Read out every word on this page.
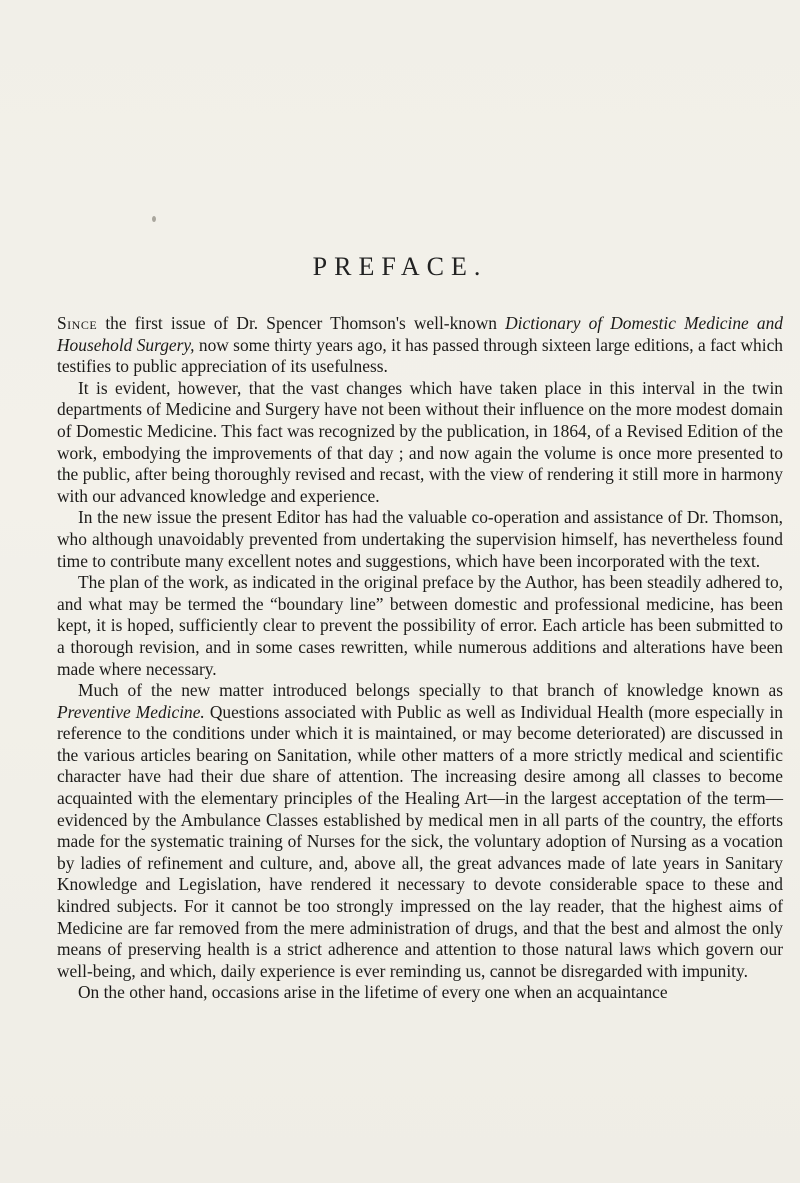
PREFACE.

Since the first issue of Dr. Spencer Thomson's well-known Dictionary of Domestic Medicine and Household Surgery, now some thirty years ago, it has passed through sixteen large editions, a fact which testifies to public appreciation of its usefulness.

It is evident, however, that the vast changes which have taken place in this interval in the twin departments of Medicine and Surgery have not been without their influence on the more modest domain of Domestic Medicine. This fact was recognized by the publication, in 1864, of a Revised Edition of the work, embodying the improvements of that day ; and now again the volume is once more presented to the public, after being thoroughly revised and recast, with the view of rendering it still more in harmony with our advanced knowledge and experience.

In the new issue the present Editor has had the valuable co-operation and assistance of Dr. Thomson, who although unavoidably prevented from undertaking the supervision himself, has nevertheless found time to contribute many excellent notes and suggestions, which have been incorporated with the text.

The plan of the work, as indicated in the original preface by the Author, has been steadily adhered to, and what may be termed the “boundary line” between domestic and professional medicine, has been kept, it is hoped, sufficiently clear to prevent the possibility of error. Each article has been submitted to a thorough revision, and in some cases rewritten, while numerous additions and alterations have been made where necessary.

Much of the new matter introduced belongs specially to that branch of knowledge known as Preventive Medicine. Questions associated with Public as well as Individual Health (more especially in reference to the conditions under which it is maintained, or may become deteriorated) are discussed in the various articles bearing on Sanitation, while other matters of a more strictly medical and scientific character have had their due share of attention. The increasing desire among all classes to become acquainted with the elementary principles of the Healing Art—in the largest acceptation of the term—evidenced by the Ambulance Classes established by medical men in all parts of the country, the efforts made for the systematic training of Nurses for the sick, the voluntary adoption of Nursing as a vocation by ladies of refinement and culture, and, above all, the great advances made of late years in Sanitary Knowledge and Legislation, have rendered it necessary to devote considerable space to these and kindred subjects. For it cannot be too strongly impressed on the lay reader, that the highest aims of Medicine are far removed from the mere administration of drugs, and that the best and almost the only means of preserving health is a strict adherence and attention to those natural laws which govern our well-being, and which, daily experience is ever reminding us, cannot be disregarded with impunity.

On the other hand, occasions arise in the lifetime of every one when an acquaintance
